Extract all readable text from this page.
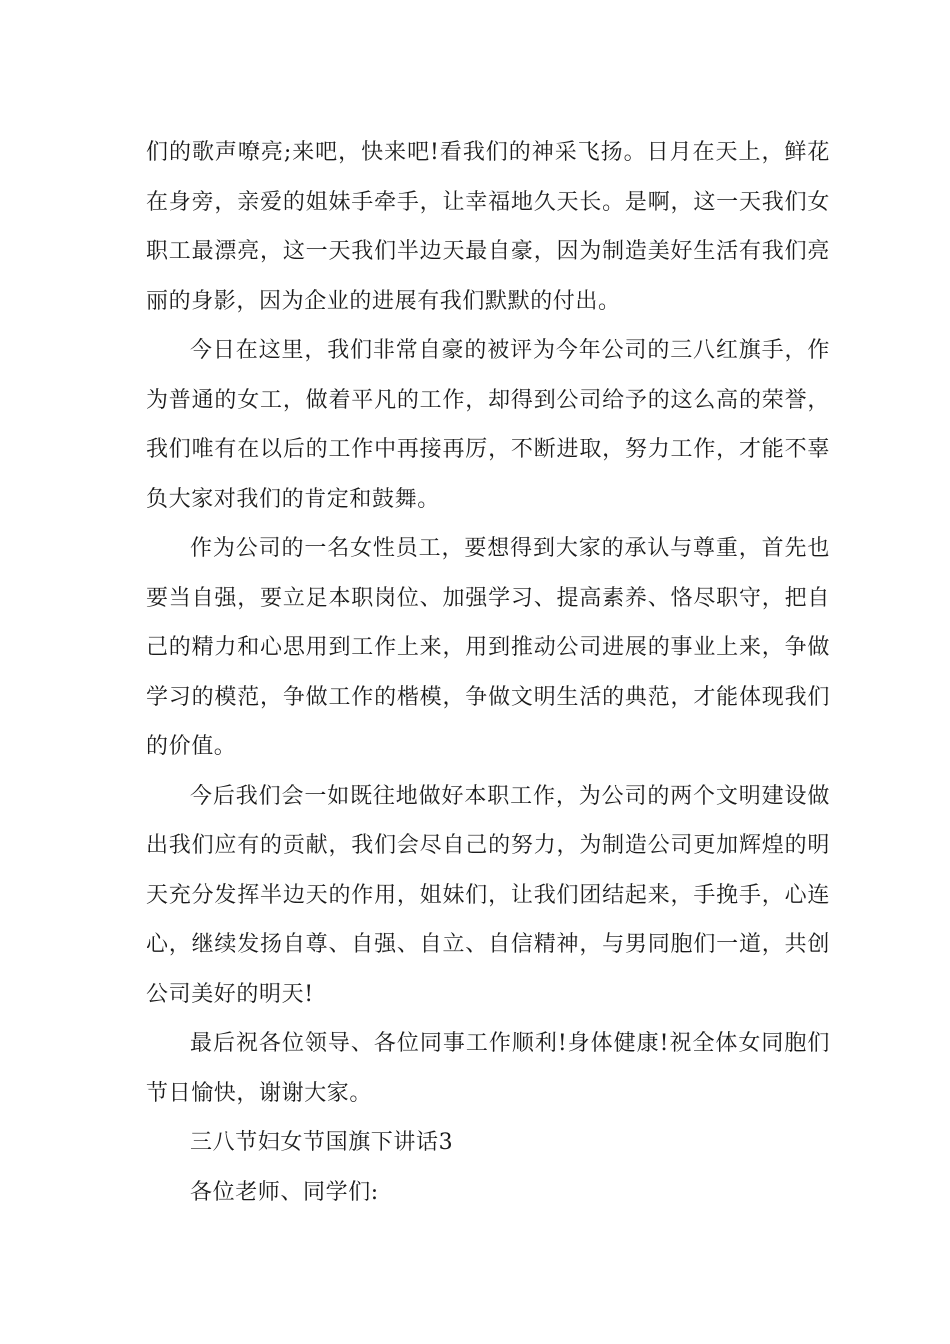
们的歌声嘹亮;来吧，快来吧!看我们的神采飞扬。日月在天上，鲜花在身旁，亲爱的姐妹手牵手，让幸福地久天长。是啊，这一天我们女职工最漂亮，这一天我们半边天最自豪，因为制造美好生活有我们亮丽的身影，因为企业的进展有我们默默的付出。

今日在这里，我们非常自豪的被评为今年公司的三八红旗手，作为普通的女工，做着平凡的工作，却得到公司给予的这么高的荣誉，我们唯有在以后的工作中再接再厉，不断进取，努力工作，才能不辜负大家对我们的肯定和鼓舞。

作为公司的一名女性员工，要想得到大家的承认与尊重，首先也要当自强，要立足本职岗位、加强学习、提高素养、恪尽职守，把自己的精力和心思用到工作上来，用到推动公司进展的事业上来，争做学习的模范，争做工作的楷模，争做文明生活的典范，才能体现我们的价值。

今后我们会一如既往地做好本职工作，为公司的两个文明建设做出我们应有的贡献，我们会尽自己的努力，为制造公司更加辉煌的明天充分发挥半边天的作用，姐妹们，让我们团结起来，手挽手，心连心，继续发扬自尊、自强、自立、自信精神，与男同胞们一道，共创公司美好的明天!

最后祝各位领导、各位同事工作顺利!身体健康!祝全体女同胞们节日愉快，谢谢大家。

三八节妇女节国旗下讲话3

各位老师、同学们:
